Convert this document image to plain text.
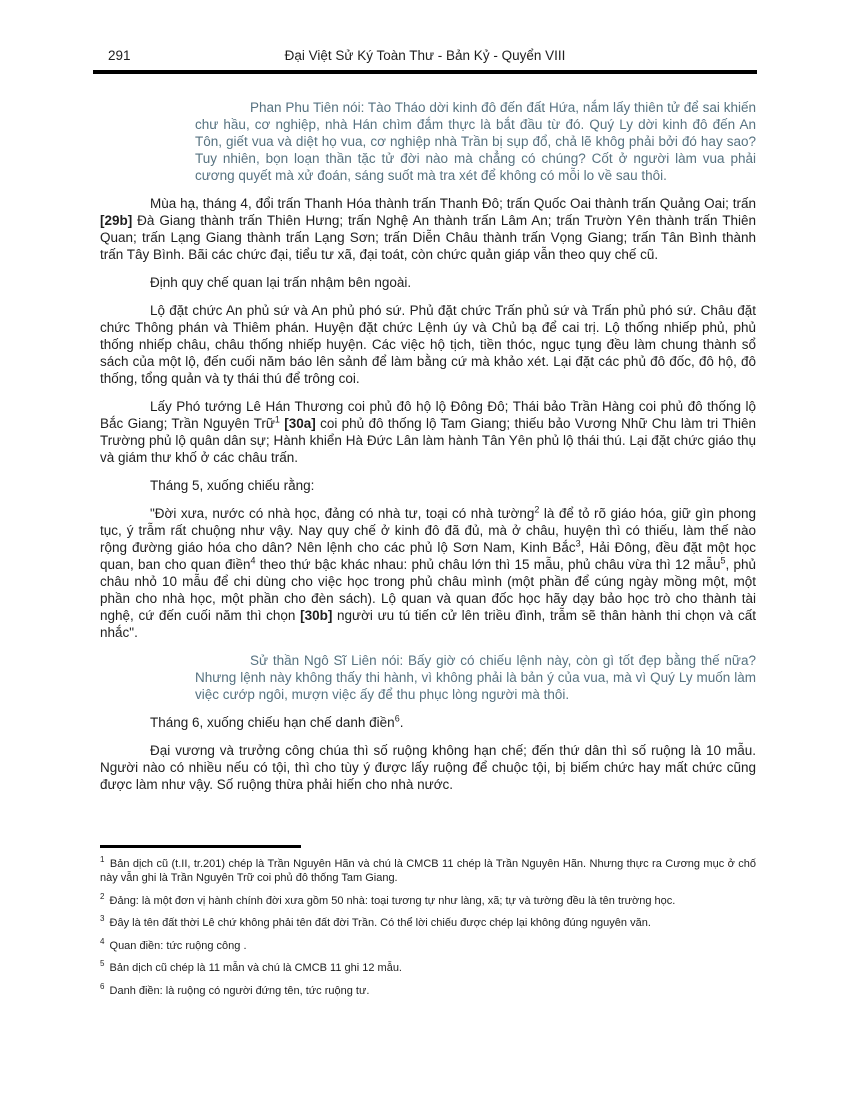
291	Đại Việt Sử Ký Toàn Thư - Bản Kỷ - Quyển VIII

Phan Phu Tiên nói: Tào Tháo dời kinh đô đến đất Hứa, nắm lấy thiên tử để sai khiến chư hầu, cơ nghiệp, nhà Hán chìm đắm thực là bắt đầu từ đó. Quý Ly dời kinh đô đến An Tôn, giết vua và diệt họ vua, cơ nghiệp nhà Trần bị sụp đổ, chả lẽ khôg phải bởi đó hay sao? Tuy nhiên, bọn loạn thần tặc tử đời nào mà chẳng có chúng? Cốt ở người làm vua phải cương quyết mà xử đoán, sáng suốt mà tra xét để không có mỗi lo về sau thôi.

Mùa hạ, tháng 4, đổi trấn Thanh Hóa thành trấn Thanh Đô; trấn Quốc Oai thành trấn Quảng Oai; trấn [29b] Đà Giang thành trấn Thiên Hưng; trấn Nghệ An thành trấn Lâm An; trấn Trườn Yên thành trấn Thiên Quan; trấn Lạng Giang thành trấn Lạng Sơn; trấn Diễn Châu thành trấn Vọng Giang; trấn Tân Bình thành trấn Tây Bình. Bãi các chức đại, tiểu tư xã, đại toát, còn chức quản giáp vẫn theo quy chế cũ.

Định quy chế quan lại trấn nhậm bên ngoài.

Lộ đặt chức An phủ sứ và An phủ phó sứ. Phủ đặt chức Trấn phủ sứ và Trấn phủ phó sứ. Châu đặt chức Thông phán và Thiêm phán. Huyện đặt chức Lệnh úy và Chủ bạ để cai trị. Lộ thống nhiếp phủ, phủ thống nhiếp châu, châu thống nhiếp huyện. Các việc hộ tịch, tiền thóc, ngục tụng đều làm chung thành sổ sách của một lộ, đến cuối năm báo lên sảnh để làm bằng cứ mà khảo xét. Lại đặt các phủ đô đốc, đô hộ, đô thống, tổng quản và ty thái thú để trông coi.

Lấy Phó tướng Lê Hán Thương coi phủ đô hộ lộ Đông Đô; Thái bảo Trần Hàng coi phủ đô thống lộ Bắc Giang; Trần Nguyên Trữ$^1$ [30a] coi phủ đô thống lộ Tam Giang; thiếu bảo Vương Nhữ Chu làm tri Thiên Trường phủ lộ quân dân sự; Hành khiển Hà Đức Lân làm hành Tân Yên phủ lộ thái thú. Lại đặt chức giáo thụ và giám thư khố ở các châu trấn.

Tháng 5, xuống chiếu rằng:

"Đời xưa, nước có nhà học, đảng có nhà tư, toại có nhà tường$^2$ là để tỏ rõ giáo hóa, giữ gìn phong tục, ý trẫm rất chuộng như vậy. Nay quy chế ở kinh đô đã đủ, mà ở châu, huyện thì có thiếu, làm thế nào rộng đường giáo hóa cho dân? Nên lệnh cho các phủ lộ Sơn Nam, Kinh Bắc$^3$, Hải Đông, đều đặt một học quan, ban cho quan điền$^4$ theo thứ bậc khác nhau: phủ châu lớn thì 15 mẫu, phủ châu vừa thì 12 mẫu$^5$, phủ châu nhỏ 10 mẫu để chi dùng cho việc học trong phủ châu mình (một phần để cúng ngày mồng một, một phần cho nhà học, một phần cho đèn sách). Lộ quan và quan đốc học hãy dạy bảo học trò cho thành tài nghệ, cứ đến cuối năm thì chọn [30b] người ưu tú tiến cử lên triều đình, trẫm sẽ thân hành thi chọn và cất nhắc".

Sử thần Ngô Sĩ Liên nói: Bấy giờ có chiếu lệnh này, còn gì tốt đẹp bằng thế nữa? Nhưng lệnh này không thấy thi hành, vì không phải là bản ý của vua, mà vì Quý Ly muốn làm việc cướp ngôi, mượn việc ấy để thu phục lòng người mà thôi.

Tháng 6, xuống chiếu hạn chế danh điền$^6$.

Đại vương và trưởng công chúa thì số ruộng không hạn chế; đến thứ dân thì số ruộng là 10 mẫu. Người nào có nhiều nếu có tội, thì cho tùy ý được lấy ruộng để chuộc tội, bị biếm chức hay mất chức cũng được làm như vậy. Số ruộng thừa phải hiến cho nhà nước.

$^1$ Bản dịch cũ (t.II, tr.201) chép là Trần Nguyên Hãn và chú là CMCB 11 chép là Trần Nguyên Hãn. Nhưng thực ra Cương mục ở chố này vẫn ghi là Trần Nguyên Trữ coi phủ đô thống Tam Giang.
$^2$ Đảng: là một đơn vị hành chính đời xưa gồm 50 nhà: toại tương tự như làng, xã; tự và tường đều là tên trường học.
$^3$ Đây là tên đất thời Lê chứ không phải tên đất đời Trần. Có thể lời chiếu được chép lại không đúng nguyên văn.
$^4$ Quan điền: tức ruộng công .
$^5$ Bản dịch cũ chép là 11 mẫn và chú là CMCB 11 ghi 12 mẫu.
$^6$ Danh điền: là ruộng có người đứng tên, tức ruộng tư.
